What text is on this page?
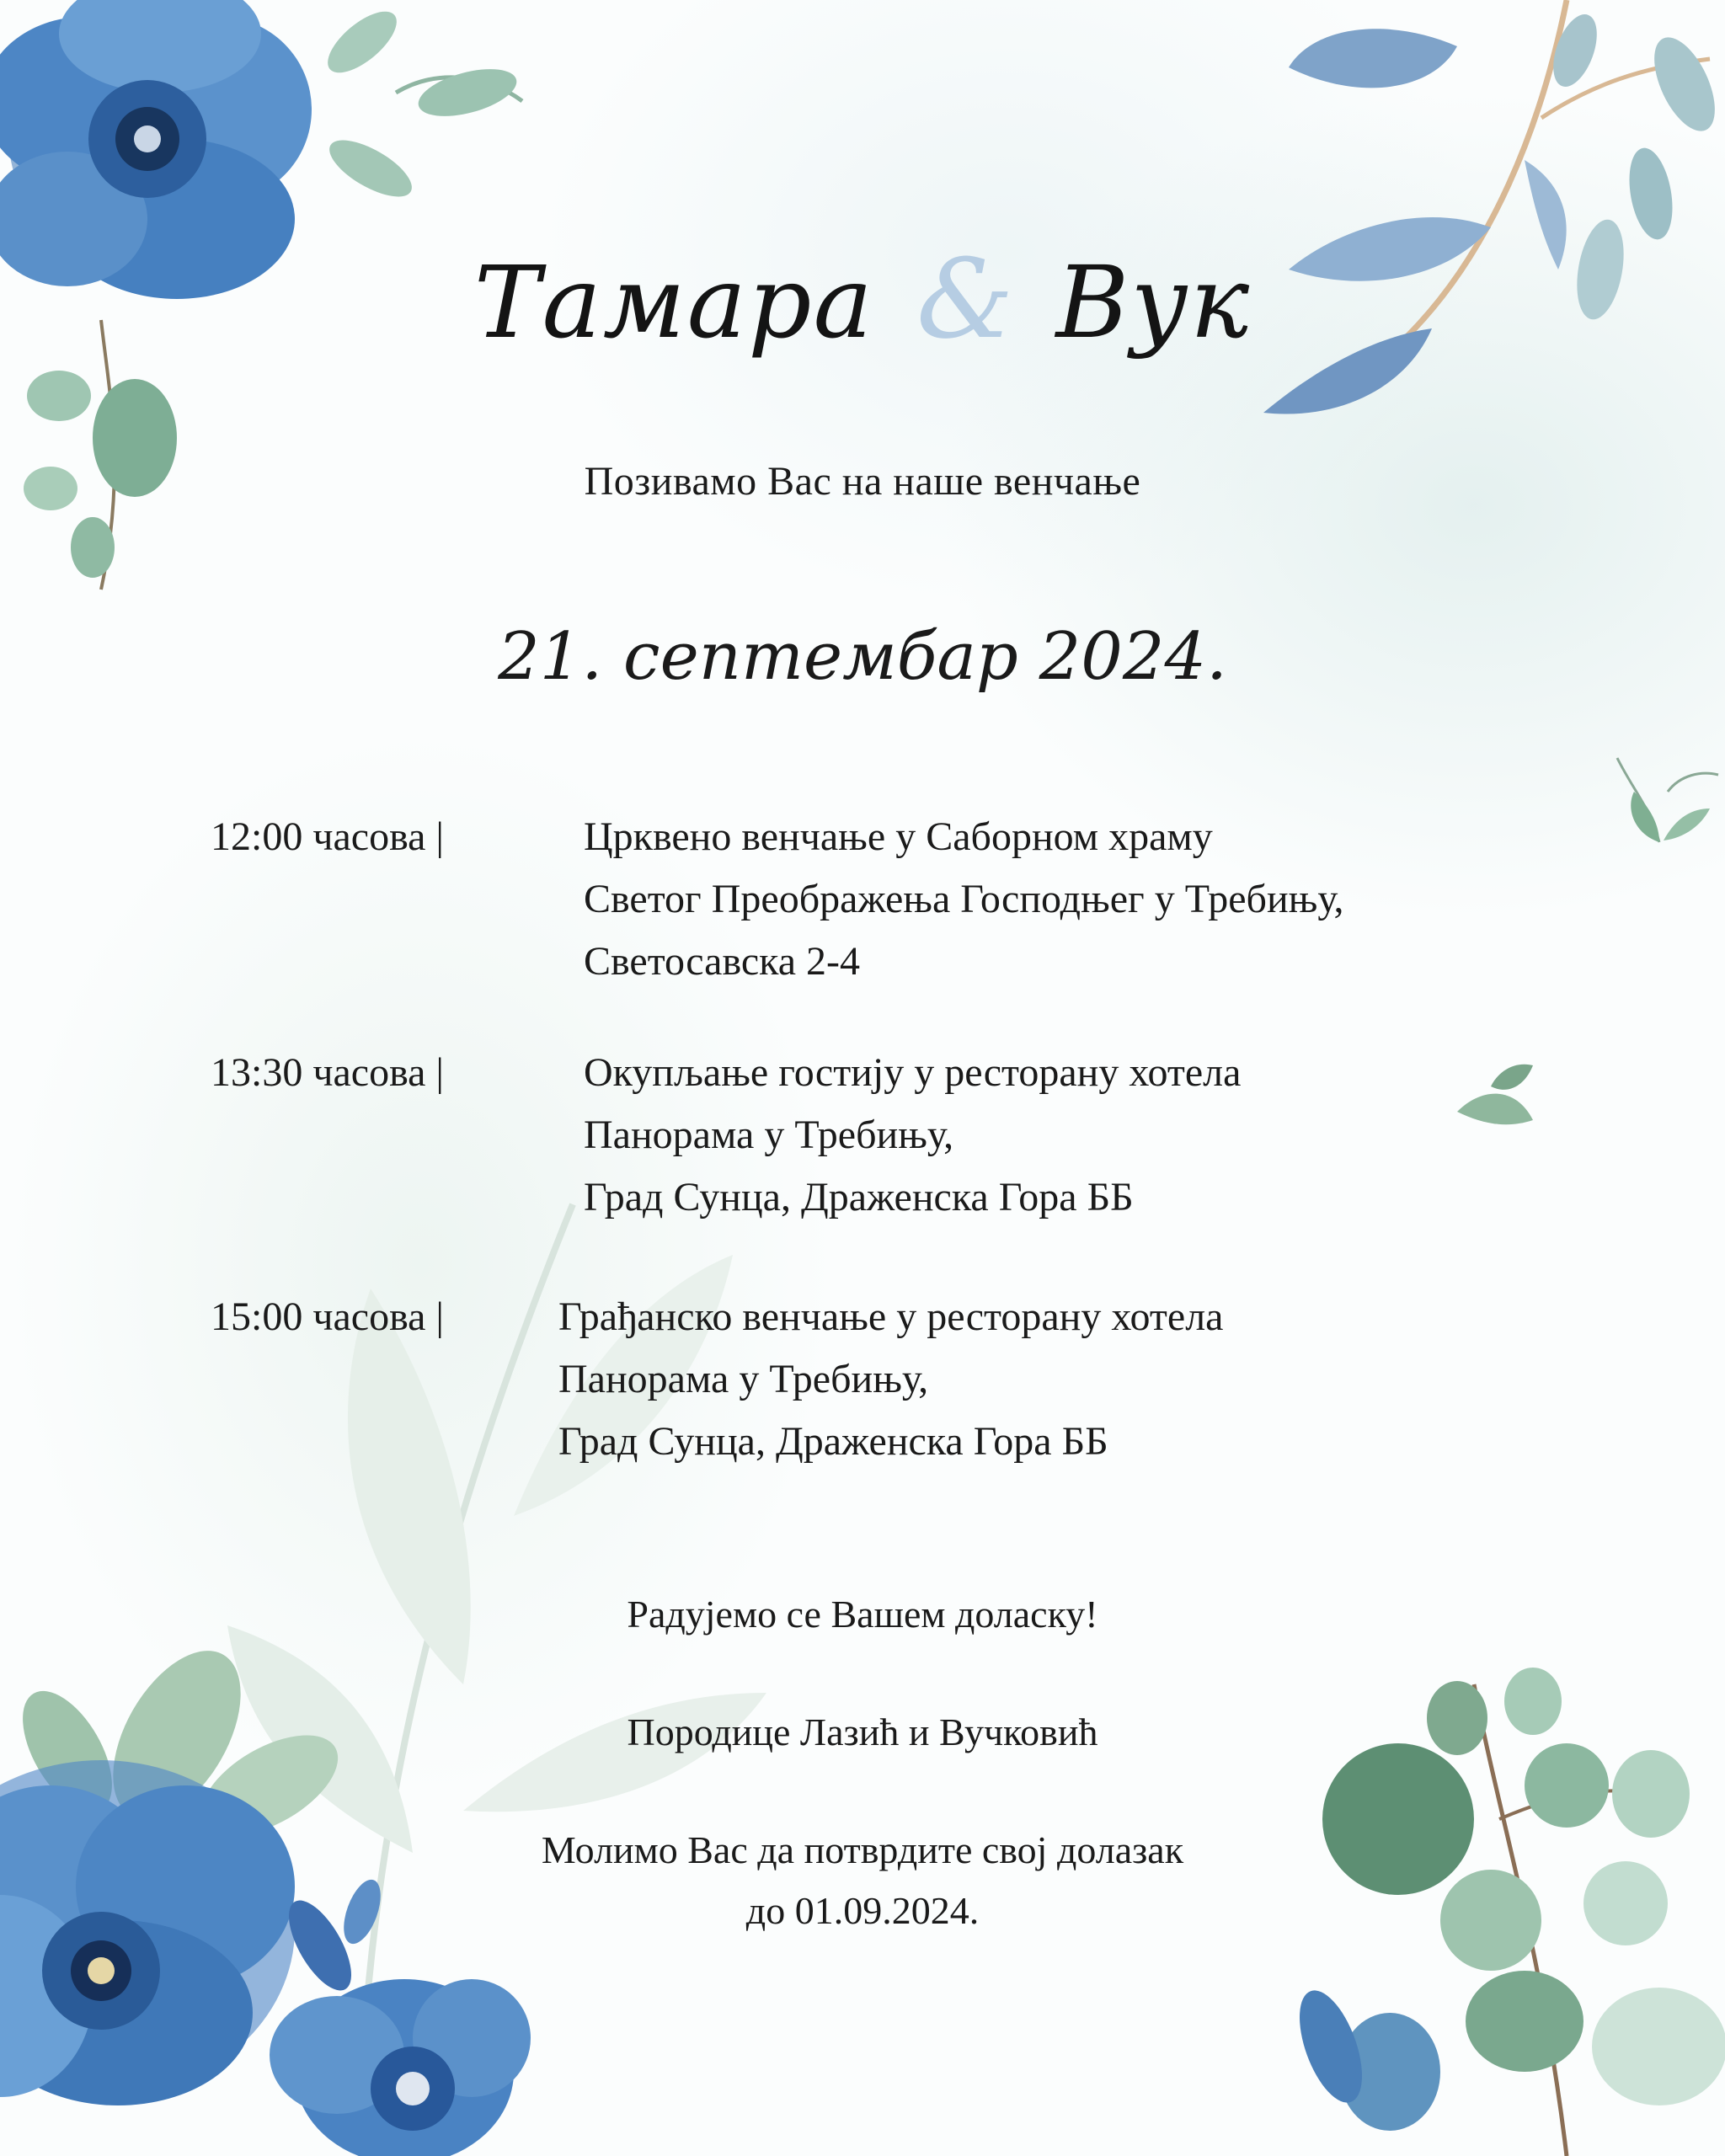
Тамара & Вук
Позивамо Вас на наше венчање
21. септембар 2024.
12:00 часова |	Црквено венчање у Саборном храму
Светог Преображења Господњег у Требињу,
Светосавска 2-4
13:30 часова |	Окупљање гостију у ресторану хотела
Панорама у Требињу,
Град Сунца, Драженска Гора ББ
15:00 часова |	Грађанско венчање у ресторану хотела
Панорама у Требињу,
Град Сунца, Драженска Гора ББ
Радујемо се Вашем доласку!
Породице Лазић и Вучковић
Молимо Вас да потврдите свој долазак
до 01.09.2024.
